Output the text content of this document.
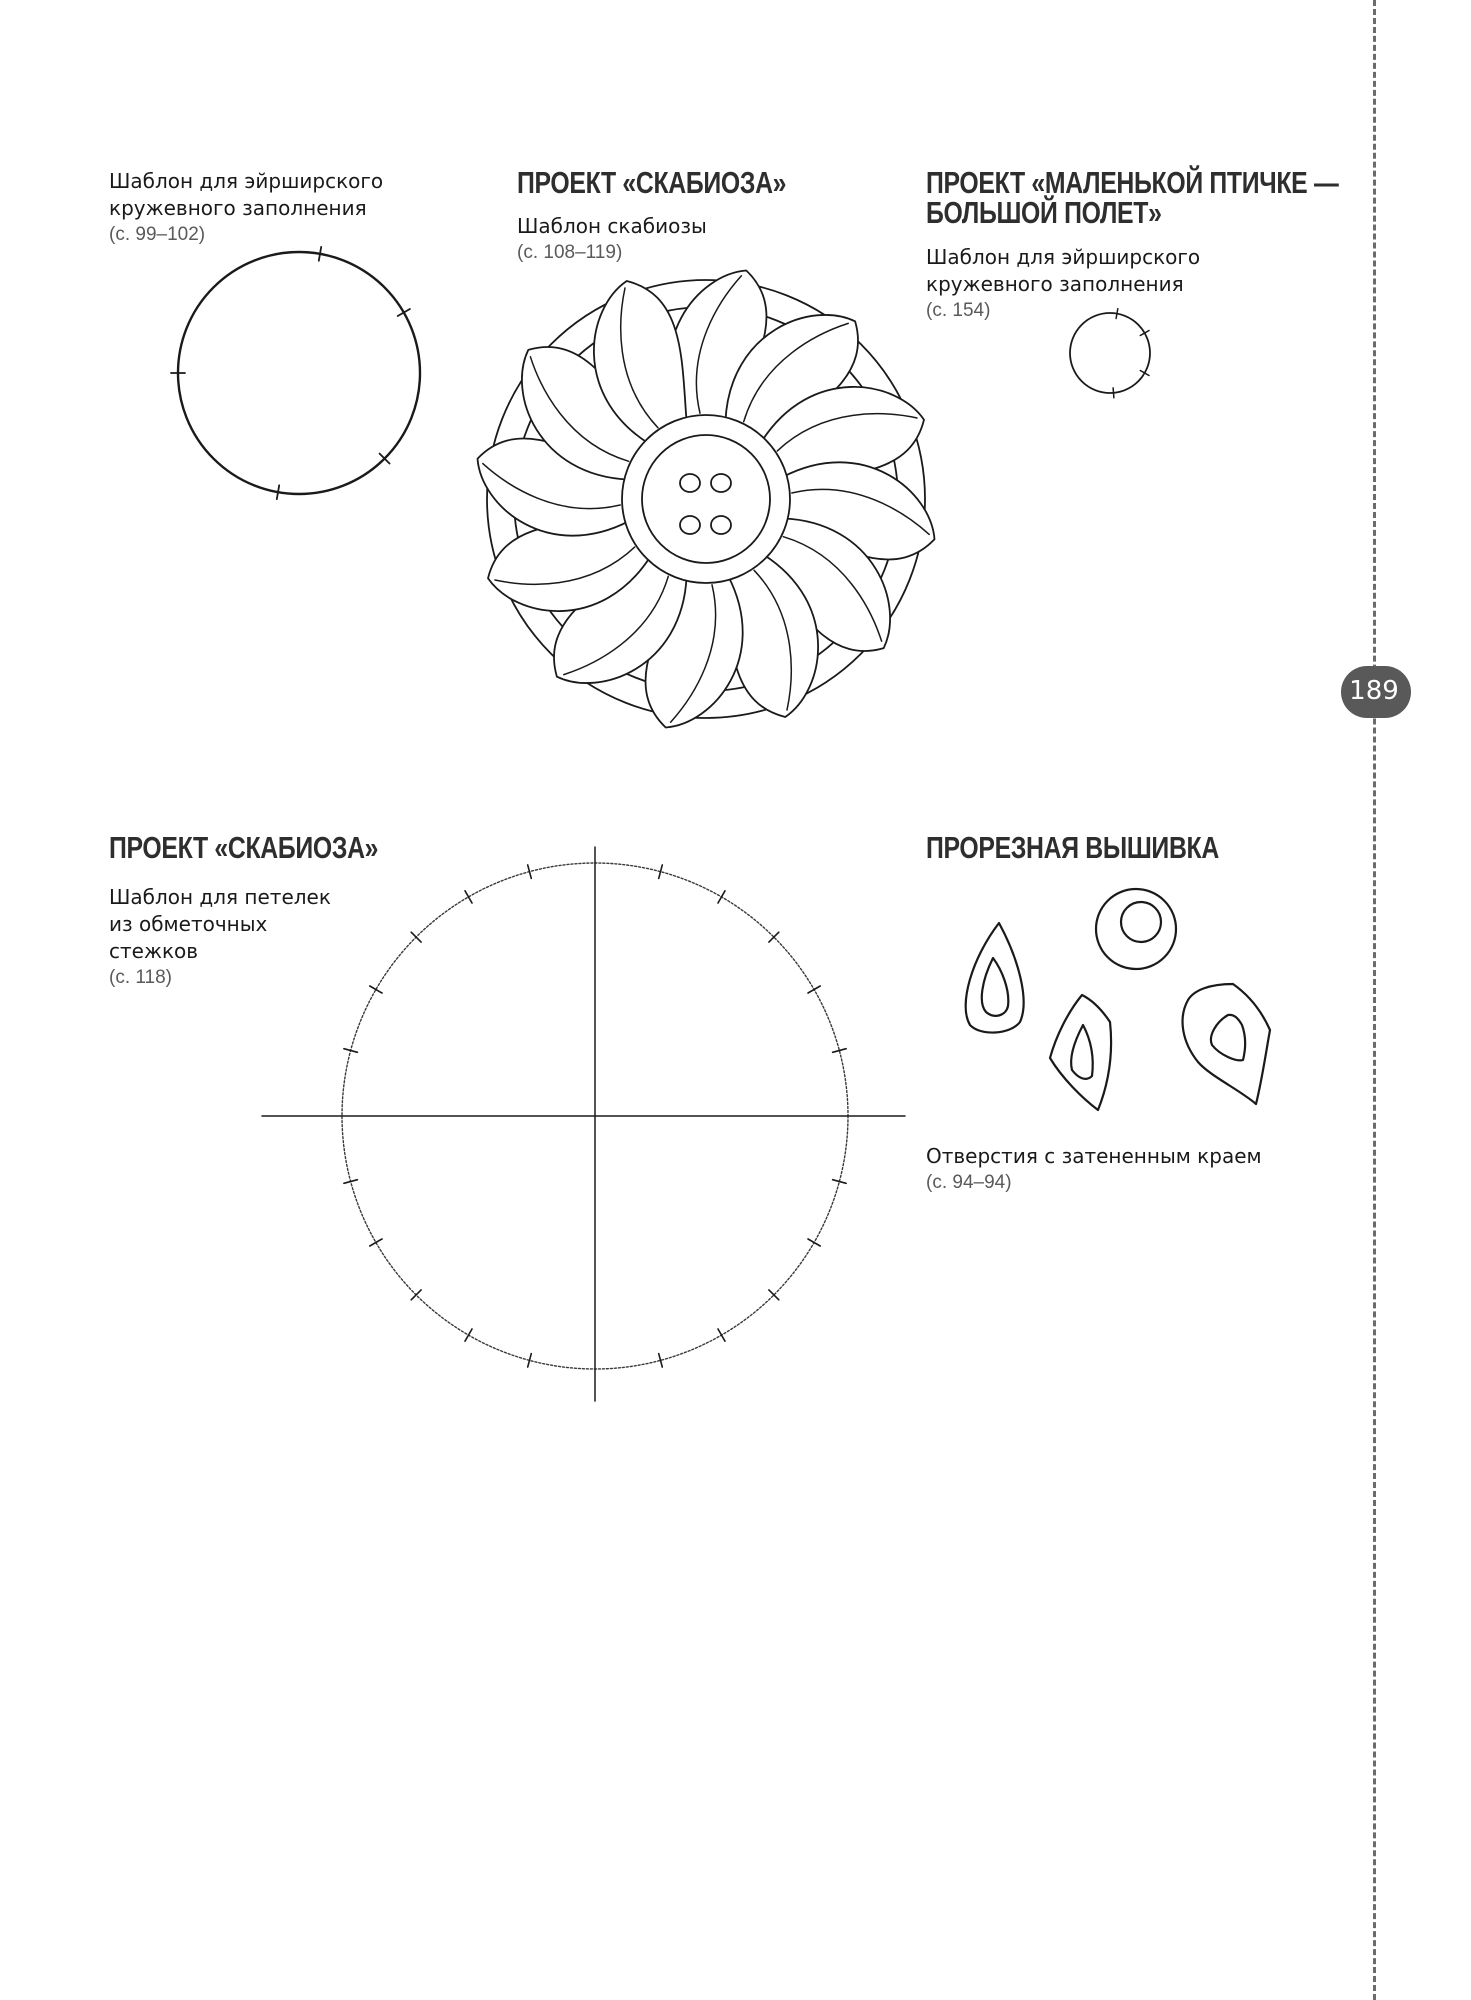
Шаблон для эйрширского
кружевного заполнения
(с. 99–102)
ПРОЕКТ «СКАБИОЗА»
Шаблон скабиозы
(с. 108–119)
ПРОЕКТ «МАЛЕНЬКОЙ ПТИЧКЕ —
БОЛЬШОЙ ПОЛЕТ»
Шаблон для эйрширского
кружевного заполнения
(с. 154)
ПРОЕКТ «СКАБИОЗА»
Шаблон для петелек
из обметочных
стежков
(с. 118)
ПРОРЕЗНАЯ ВЫШИВКА
Отверстия с затененным краем
(с. 94–94)
189
